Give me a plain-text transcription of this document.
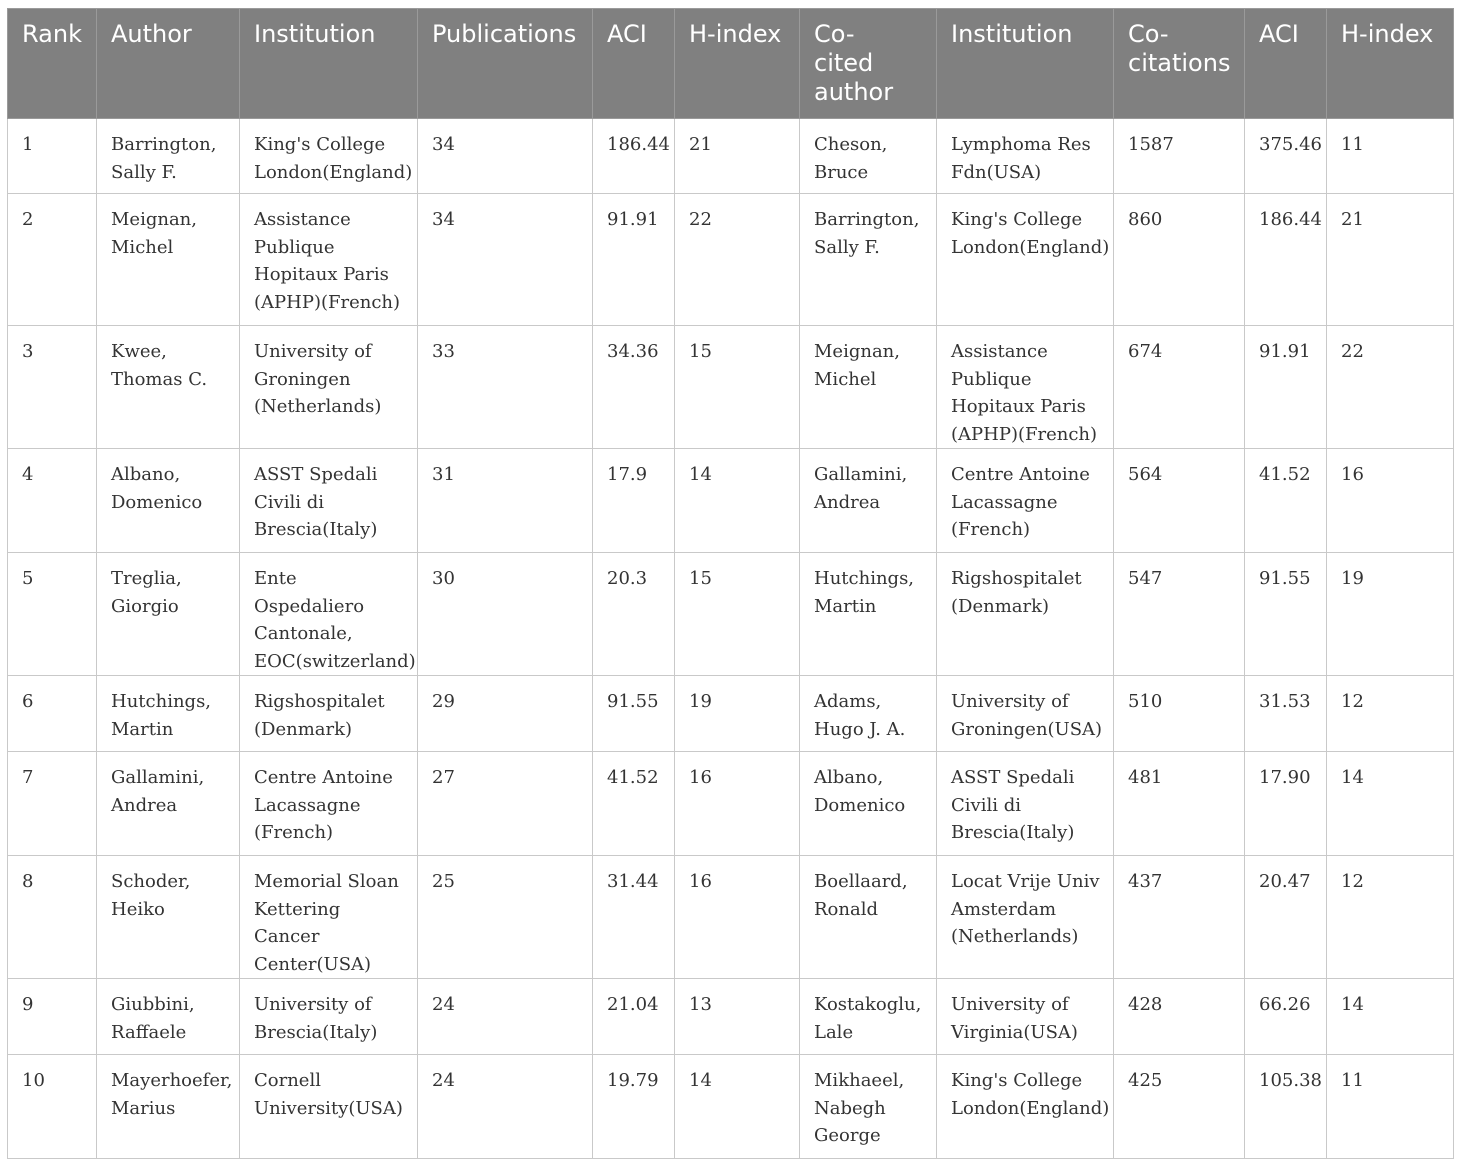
Rank	Author	Institution	Publications	ACI	H-index	Co-cited author	Institution	Co-citations	ACI	H-index
1	Barrington, Sally F.	King's College London(England)	34	186.44	21	Cheson, Bruce	Lymphoma Res Fdn(USA)	1587	375.46	11
2	Meignan, Michel	Assistance Publique Hopitaux Paris (APHP)(French)	34	91.91	22	Barrington, Sally F.	King's College London(England)	860	186.44	21
3	Kwee, Thomas C.	University of Groningen (Netherlands)	33	34.36	15	Meignan, Michel	Assistance Publique Hopitaux Paris (APHP)(French)	674	91.91	22
4	Albano, Domenico	ASST Spedali Civili di Brescia(Italy)	31	17.9	14	Gallamini, Andrea	Centre Antoine Lacassagne (French)	564	41.52	16
5	Treglia, Giorgio	Ente Ospedaliero Cantonale, EOC(switzerland)	30	20.3	15	Hutchings, Martin	Rigshospitalet (Denmark)	547	91.55	19
6	Hutchings, Martin	Rigshospitalet (Denmark)	29	91.55	19	Adams, Hugo J. A.	University of Groningen(USA)	510	31.53	12
7	Gallamini, Andrea	Centre Antoine Lacassagne (French)	27	41.52	16	Albano, Domenico	ASST Spedali Civili di Brescia(Italy)	481	17.90	14
8	Schoder, Heiko	Memorial Sloan Kettering Cancer Center(USA)	25	31.44	16	Boellaard, Ronald	Locat Vrije Univ Amsterdam (Netherlands)	437	20.47	12
9	Giubbini, Raffaele	University of Brescia(Italy)	24	21.04	13	Kostakoglu, Lale	University of Virginia(USA)	428	66.26	14
10	Mayerhoefer, Marius	Cornell University(USA)	24	19.79	14	Mikhaeel, Nabegh George	King's College London(England)	425	105.38	11
